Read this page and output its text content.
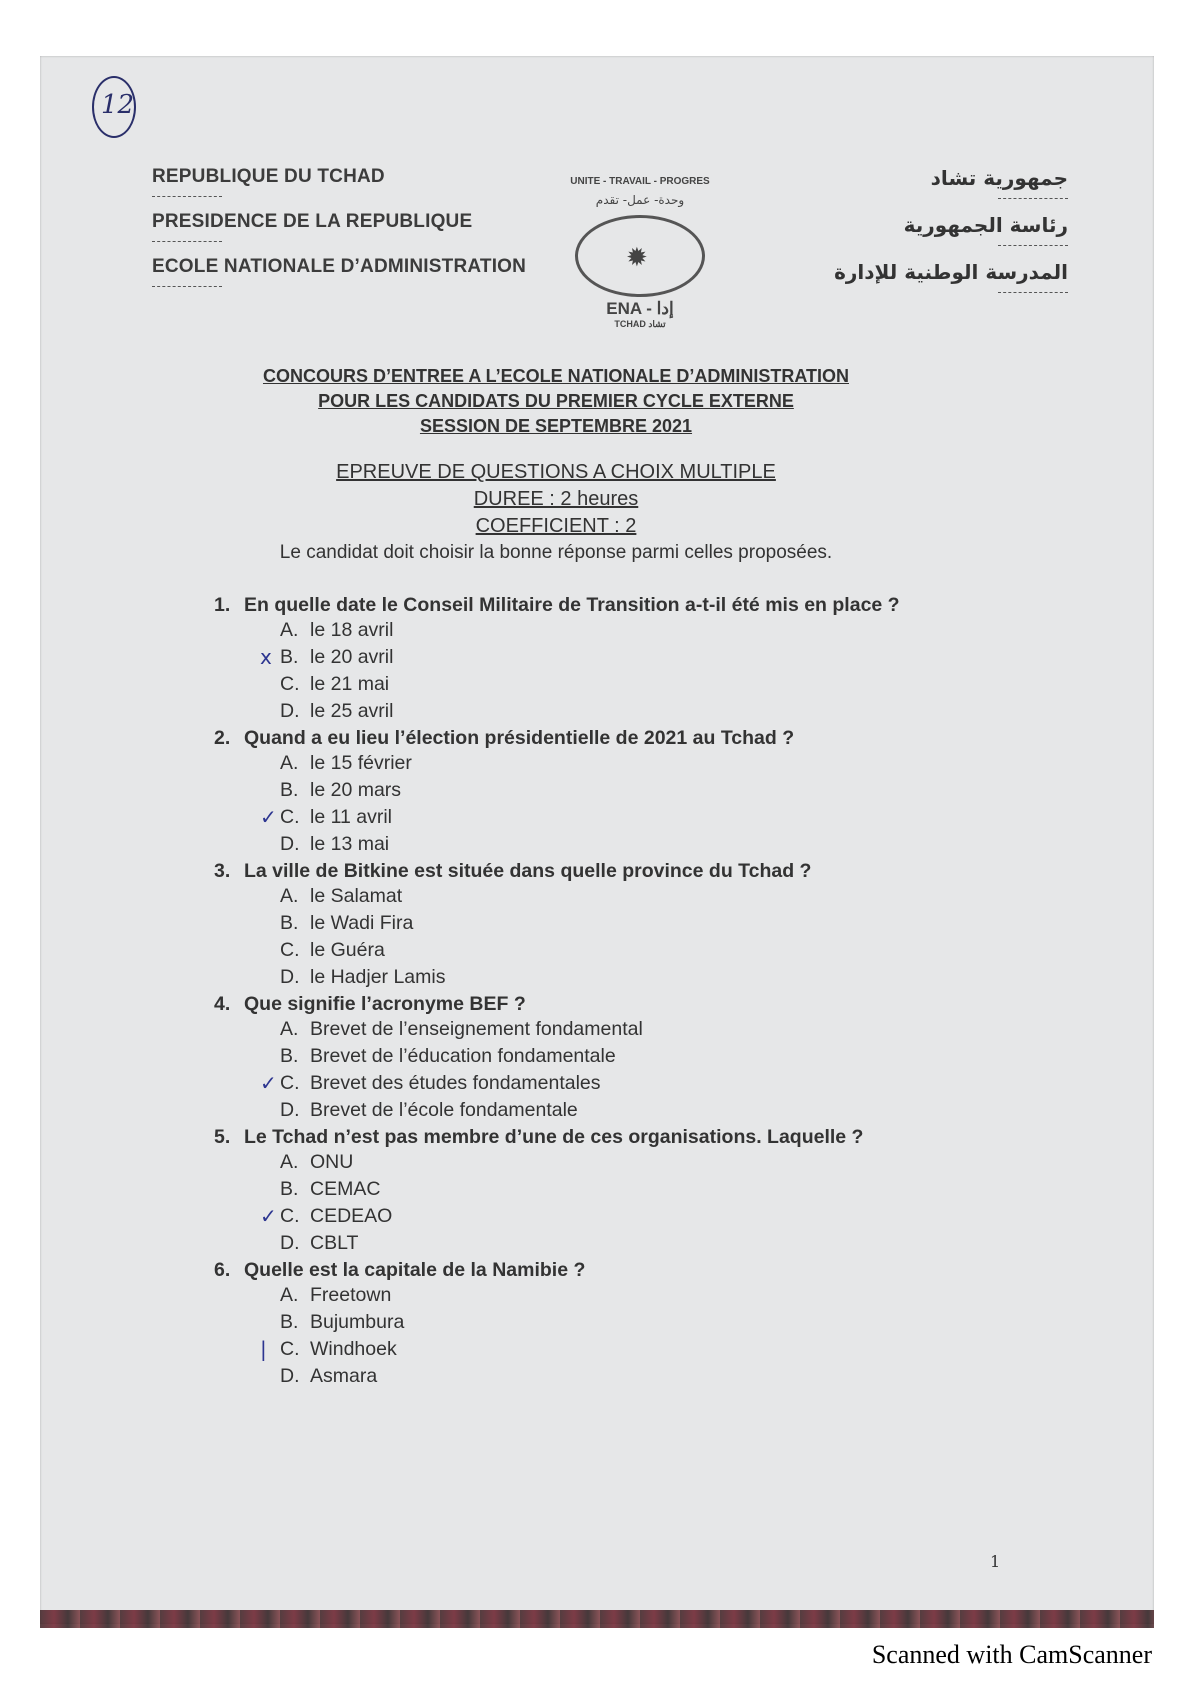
12
REPUBLIQUE DU TCHAD
PRESIDENCE DE LA REPUBLIQUE
ECOLE NATIONALE D’ADMINISTRATION
UNITE - TRAVAIL - PROGRES
وحدة- عمل- تقدم
✹
ENA - إدا
TCHAD تشاد
جمهورية تشاد
رئاسة الجمهورية
المدرسة الوطنية للإدارة
CONCOURS D’ENTREE A L’ECOLE NATIONALE D’ADMINISTRATION
POUR LES CANDIDATS DU PREMIER CYCLE EXTERNE
SESSION DE SEPTEMBRE 2021
EPREUVE DE QUESTIONS A CHOIX MULTIPLE
DUREE : 2 heures
COEFFICIENT : 2
Le candidat doit choisir la bonne réponse parmi celles proposées.
1. En quelle date le Conseil Militaire de Transition a-t-il été mis en place ?
A. le 18 avril
x B. le 20 avril
C. le 21 mai
D. le 25 avril
2. Quand a eu lieu l’élection présidentielle de 2021 au Tchad ?
A. le 15 février
B. le 20 mars
✓ C. le 11 avril
D. le 13 mai
3. La ville de Bitkine est située dans quelle province du Tchad ?
A. le Salamat
B. le Wadi Fira
C. le Guéra
D. le Hadjer Lamis
4. Que signifie l’acronyme BEF ?
A. Brevet de l’enseignement fondamental
B. Brevet de l’éducation fondamentale
✓ C. Brevet des études fondamentales
D. Brevet de l’école fondamentale
5. Le Tchad n’est pas membre d’une de ces organisations. Laquelle ?
A. ONU
B. CEMAC
✓ C. CEDEAO
D. CBLT
6. Quelle est la capitale de la Namibie ?
A. Freetown
B. Bujumbura
| C. Windhoek
D. Asmara
1
Scanned with CamScanner
